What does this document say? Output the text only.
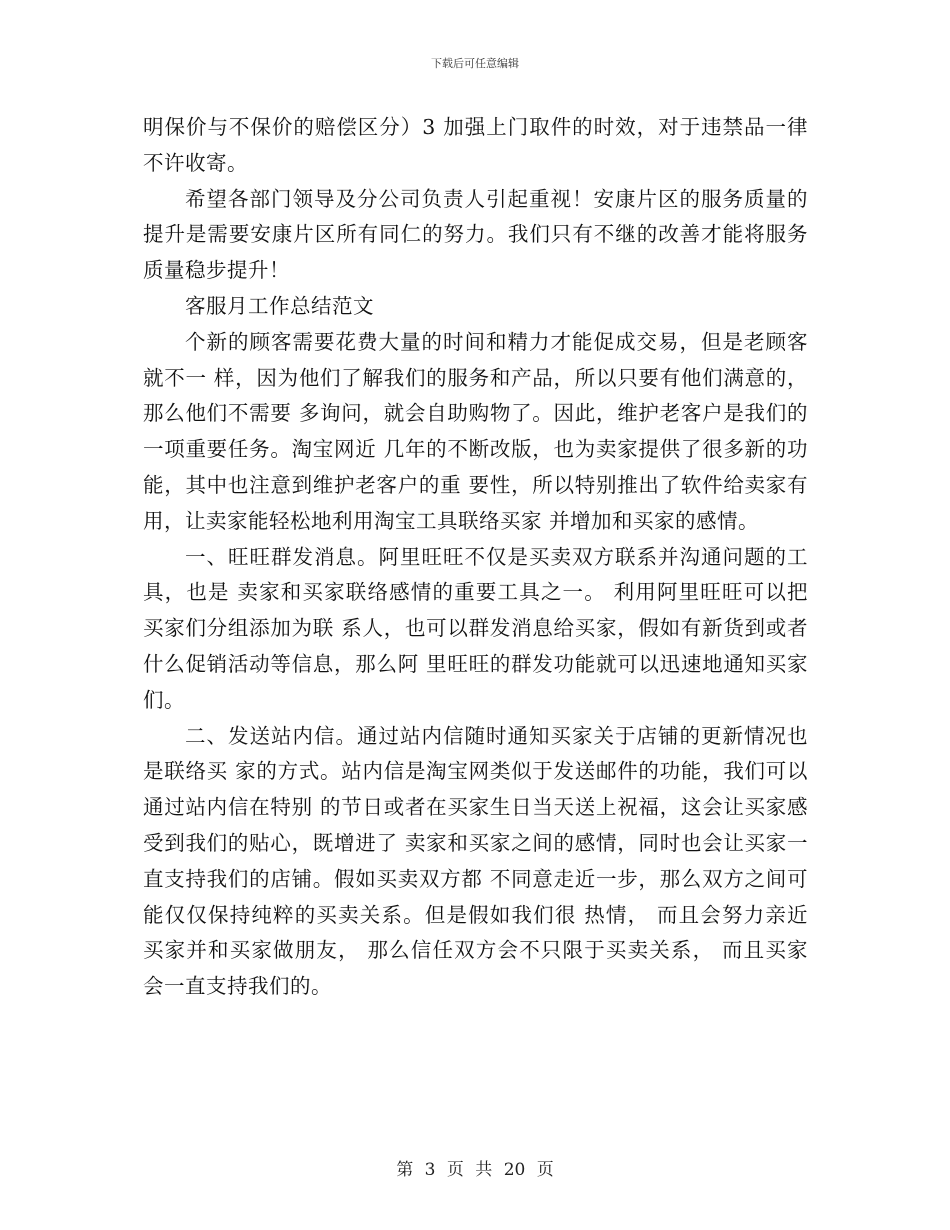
下载后可任意编辑

明保价与不保价的赔偿区分）3 加强上门取件的时效，对于违禁品一律不许收寄。

希望各部门领导及分公司负责人引起重视！安康片区的服务质量的提升是需要安康片区所有同仁的努力。我们只有不继的改善才能将服务质量稳步提升！

客服月工作总结范文

个新的顾客需要花费大量的时间和精力才能促成交易，但是老顾客就不一 样，因为他们了解我们的服务和产品，所以只要有他们满意的，那么他们不需要 多询问，就会自助购物了。因此，维护老客户是我们的一项重要任务。淘宝网近 几年的不断改版，也为卖家提供了很多新的功能，其中也注意到维护老客户的重 要性，所以特别推出了软件给卖家有用，让卖家能轻松地利用淘宝工具联络买家 并增加和买家的感情。

一、旺旺群发消息。阿里旺旺不仅是买卖双方联系并沟通问题的工具，也是 卖家和买家联络感情的重要工具之一。 利用阿里旺旺可以把买家们分组添加为联 系人，也可以群发消息给买家，假如有新货到或者什么促销活动等信息，那么阿 里旺旺的群发功能就可以迅速地通知买家们。

二、发送站内信。通过站内信随时通知买家关于店铺的更新情况也是联络买 家的方式。站内信是淘宝网类似于发送邮件的功能，我们可以通过站内信在特别 的节日或者在买家生日当天送上祝福，这会让买家感受到我们的贴心，既增进了 卖家和买家之间的感情，同时也会让买家一直支持我们的店铺。假如买卖双方都 不同意走近一步，那么双方之间可能仅仅保持纯粹的买卖关系。但是假如我们很 热情， 而且会努力亲近买家并和买家做朋友， 那么信任双方会不只限于买卖关系， 而且买家会一直支持我们的。

第 3 页 共 20 页
